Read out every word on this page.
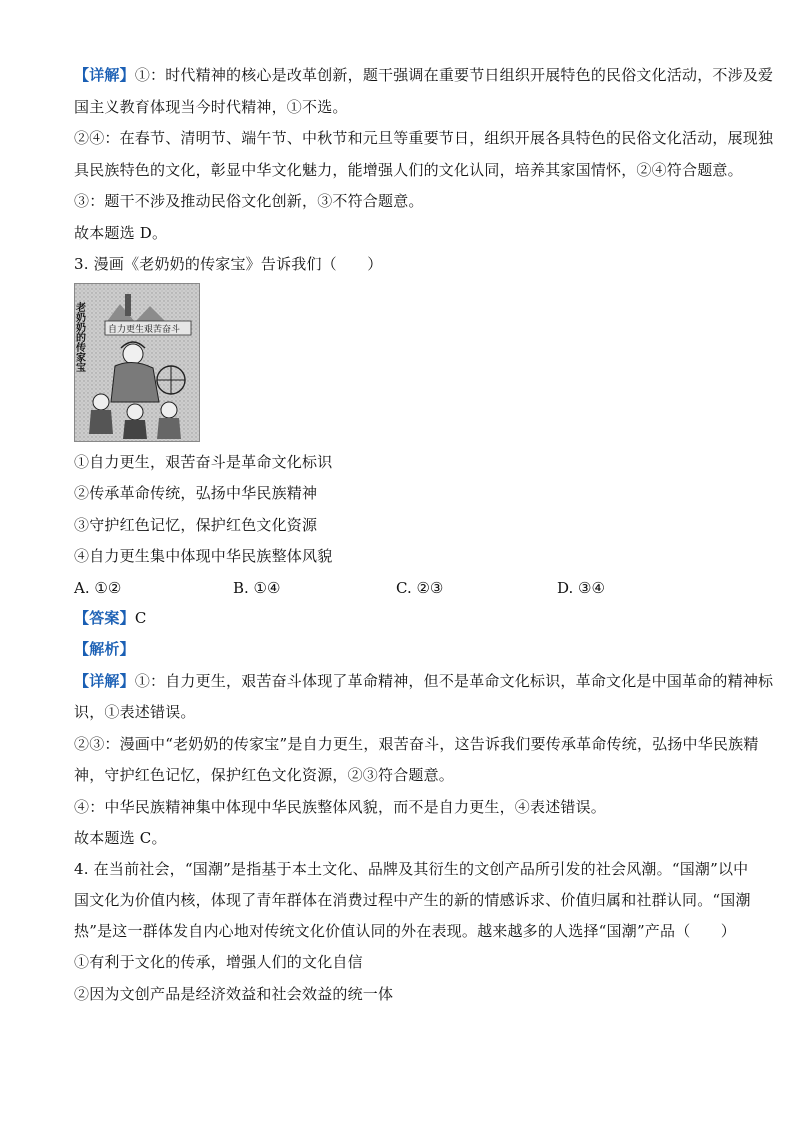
【详解】①：时代精神的核心是改革创新，题干强调在重要节日组织开展特色的民俗文化活动，不涉及爱
国主义教育体现当今时代精神，①不选。
②④：在春节、清明节、端午节、中秋节和元旦等重要节日，组织开展各具特色的民俗文化活动，展现独
具民族特色的文化，彰显中华文化魅力，能增强人们的文化认同，培养其家国情怀，②④符合题意。
③：题干不涉及推动民俗文化创新，③不符合题意。
故本题选 D。
3. 漫画《老奶奶的传家宝》告诉我们（　　）
自力更生艰苦奋斗
老奶奶的传家宝
①自力更生，艰苦奋斗是革命文化标识
②传承革命传统，弘扬中华民族精神
③守护红色记忆，保护红色文化资源
④自力更生集中体现中华民族整体风貌
A. ①②	B. ①④	C. ②③	D. ③④
【答案】C
【解析】
【详解】①：自力更生，艰苦奋斗体现了革命精神，但不是革命文化标识，革命文化是中国革命的精神标
识，①表述错误。
②③：漫画中“老奶奶的传家宝”是自力更生，艰苦奋斗，这告诉我们要传承革命传统，弘扬中华民族精
神，守护红色记忆，保护红色文化资源，②③符合题意。
④：中华民族精神集中体现中华民族整体风貌，而不是自力更生，④表述错误。
故本题选 C。
4. 在当前社会，“国潮”是指基于本土文化、品牌及其衍生的文创产品所引发的社会风潮。“国潮”以中
国文化为价值内核，体现了青年群体在消费过程中产生的新的情感诉求、价值归属和社群认同。“国潮
热”是这一群体发自内心地对传统文化价值认同的外在表现。越来越多的人选择“国潮”产品（　　）
①有利于文化的传承，增强人们的文化自信
②因为文创产品是经济效益和社会效益的统一体
